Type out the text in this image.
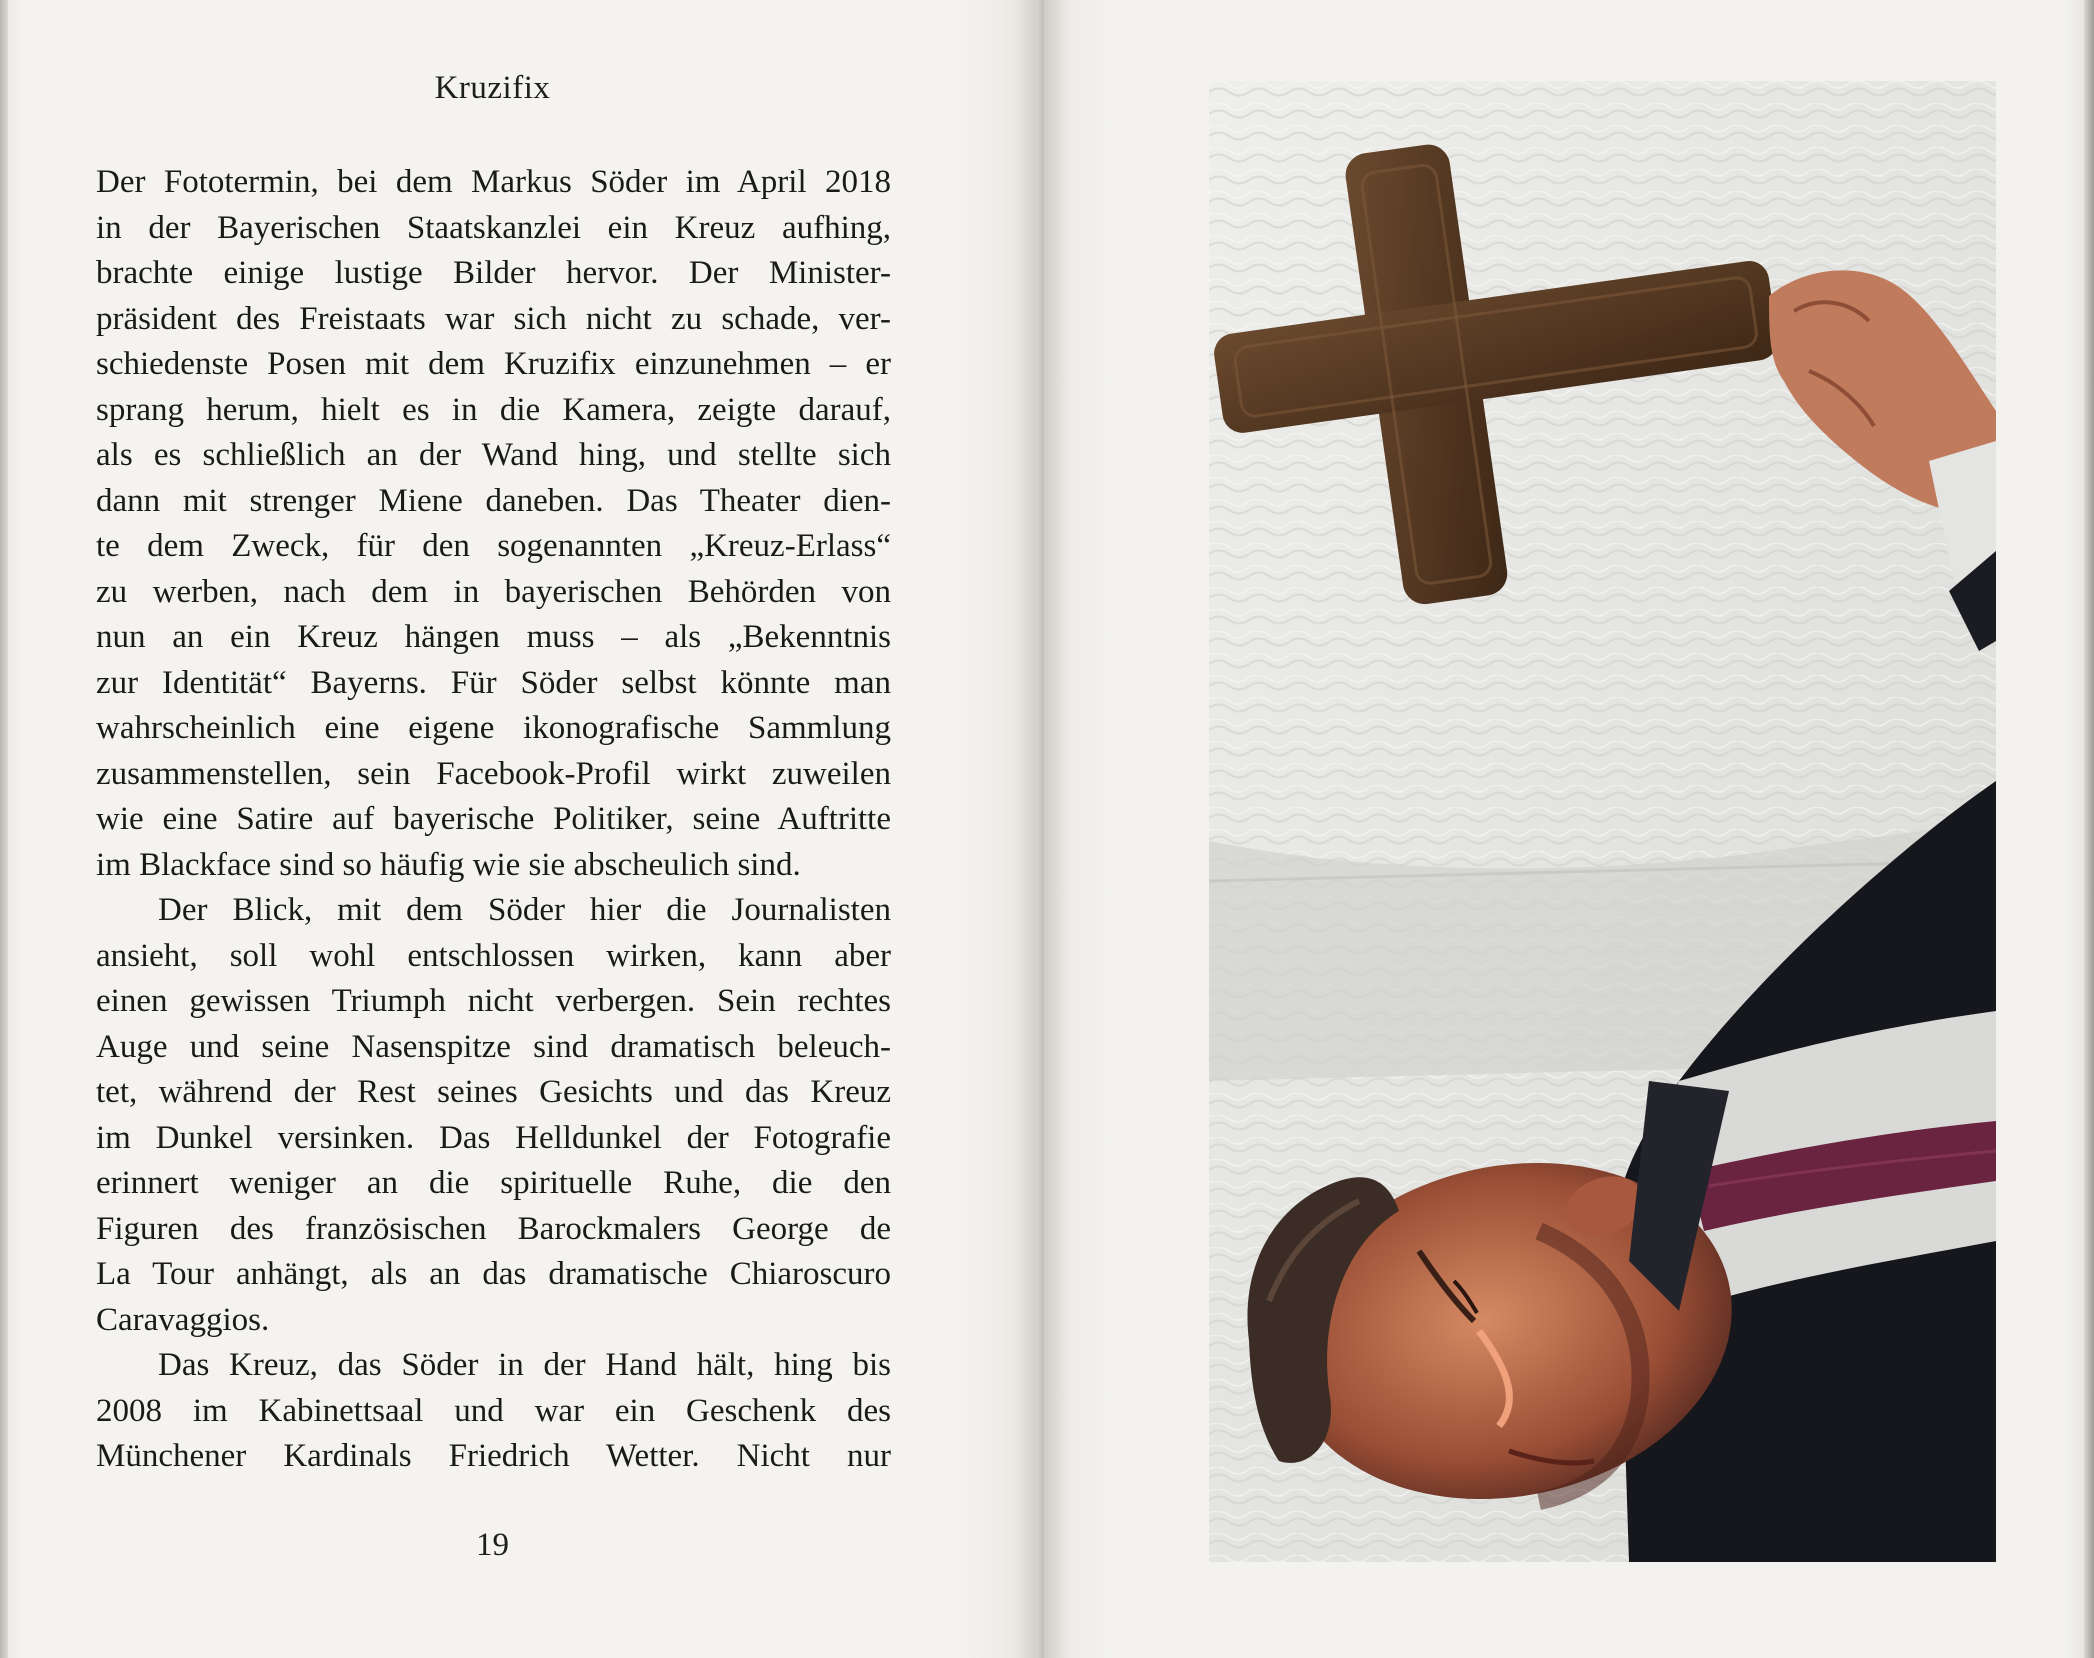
Kruzifix
Der Fototermin, bei dem Markus Söder im April 2018
in der Bayerischen Staatskanzlei ein Kreuz aufhing,
brachte einige lustige Bilder hervor. Der Minister-
präsident des Freistaats war sich nicht zu schade, ver-
schiedenste Posen mit dem Kruzifix einzunehmen – er
sprang herum, hielt es in die Kamera, zeigte darauf,
als es schließlich an der Wand hing, und stellte sich
dann mit strenger Miene daneben. Das Theater dien-
te dem Zweck, für den sogenannten „Kreuz-Erlass“
zu werben, nach dem in bayerischen Behörden von
nun an ein Kreuz hängen muss – als „Bekenntnis
zur Identität“ Bayerns. Für Söder selbst könnte man
wahrscheinlich eine eigene ikonografische Sammlung
zusammenstellen, sein Facebook-Profil wirkt zuweilen
wie eine Satire auf bayerische Politiker, seine Auftritte
im Blackface sind so häufig wie sie abscheulich sind.
Der Blick, mit dem Söder hier die Journalisten
ansieht, soll wohl entschlossen wirken, kann aber
einen gewissen Triumph nicht verbergen. Sein rechtes
Auge und seine Nasenspitze sind dramatisch beleuch-
tet, während der Rest seines Gesichts und das Kreuz
im Dunkel versinken. Das Helldunkel der Fotografie
erinnert weniger an die spirituelle Ruhe, die den
Figuren des französischen Barockmalers George de
La Tour anhängt, als an das dramatische Chiaroscuro
Caravaggios.
Das Kreuz, das Söder in der Hand hält, hing bis
2008 im Kabinettsaal und war ein Geschenk des
Münchener Kardinals Friedrich Wetter. Nicht nur
19
